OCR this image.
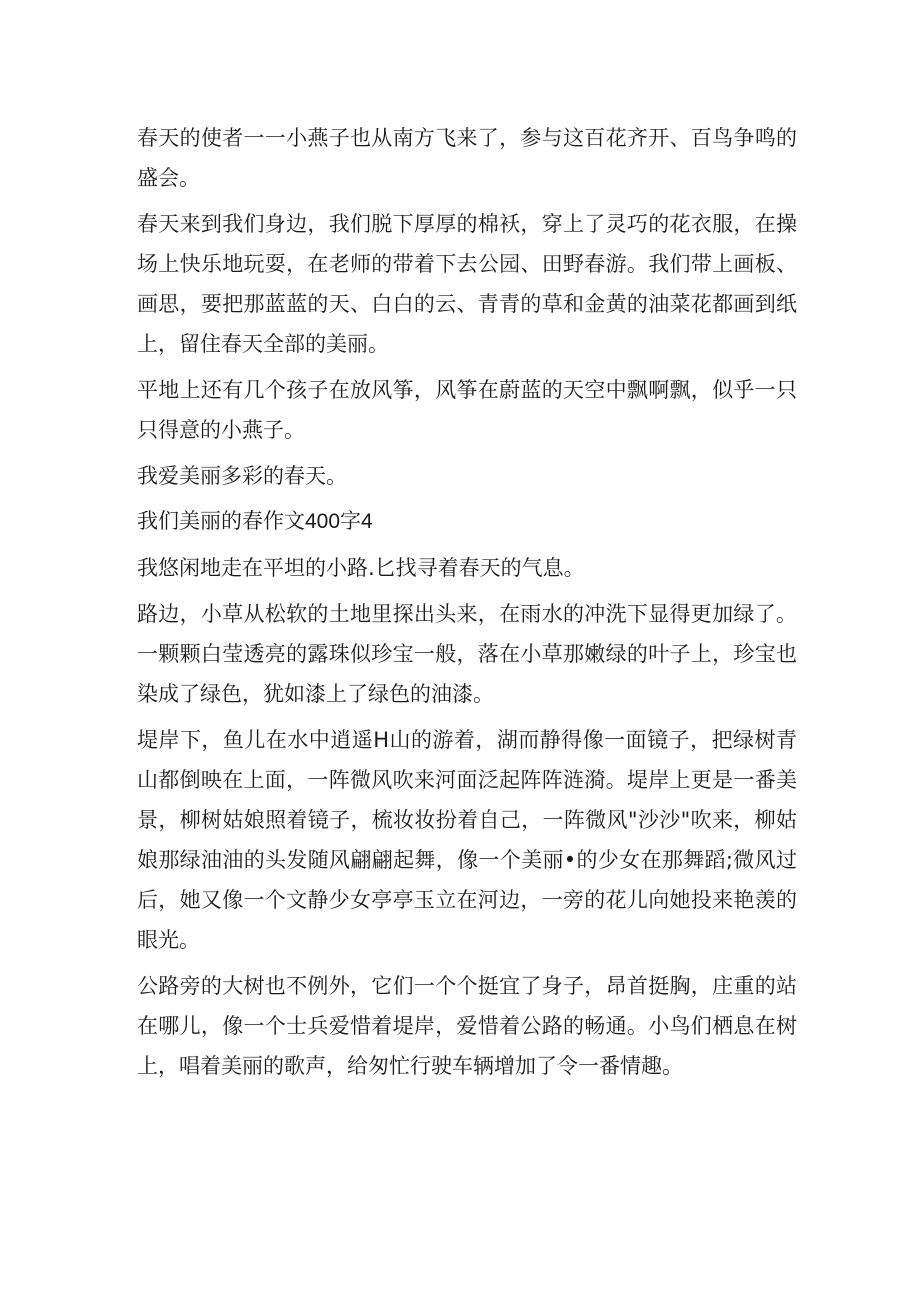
春天的使者一一小燕子也从南方飞来了，参与这百花齐开、百鸟争鸣的盛会。

春天来到我们身边，我们脱下厚厚的棉袄，穿上了灵巧的花衣服，在操场上快乐地玩耍，在老师的带着下去公园、田野春游。我们带上画板、画思，要把那蓝蓝的天、白白的云、青青的草和金黄的油菜花都画到纸上，留住春天全部的美丽。

平地上还有几个孩子在放风筝，风筝在蔚蓝的天空中飘啊飘，似乎一只只得意的小燕子。

我爱美丽多彩的春天。

我们美丽的春作文400字4

我悠闲地走在平坦的小路.匕找寻着春天的气息。

路边，小草从松软的土地里探出头来，在雨水的冲洗下显得更加绿了。一颗颗白莹透亮的露珠似珍宝一般，落在小草那嫩绿的叶子上，珍宝也染成了绿色，犹如漆上了绿色的油漆。

堤岸下，鱼儿在水中逍遥H山的游着，湖而静得像一面镜子，把绿树青山都倒映在上面，一阵微风吹来河面泛起阵阵涟漪。堤岸上更是一番美景，柳树姑娘照着镜子，梳妆妆扮着自己，一阵微风"沙沙"吹来，柳姑娘那绿油油的头发随风翩翩起舞，像一个美丽•的少女在那舞蹈;微风过后，她又像一个文静少女亭亭玉立在河边，一旁的花儿向她投来艳羡的眼光。

公路旁的大树也不例外，它们一个个挺宜了身子，昂首挺胸，庄重的站在哪儿，像一个士兵爱惜着堤岸，爱惜着公路的畅通。小鸟们栖息在树上，唱着美丽的歌声，给匆忙行驶车辆增加了令一番情趣。
